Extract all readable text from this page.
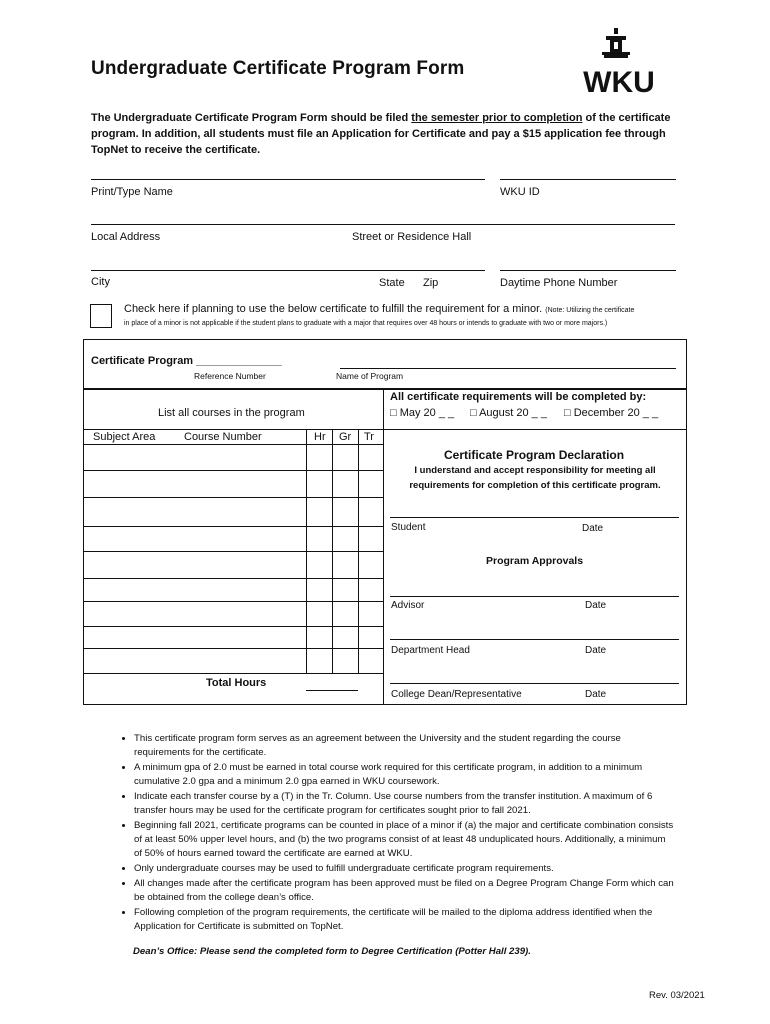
Undergraduate Certificate Program Form	WKU
The Undergraduate Certificate Program Form should be filed the semester prior to completion of the certificate program. In addition, all students must file an Application for Certificate and pay a $15 application fee through TopNet to receive the certificate.
Print/Type Name	WKU ID
Local Address	Street or Residence Hall
City	State Zip	Daytime Phone Number
Check here if planning to use the below certificate to fulfill the requirement for a minor. (Note: Utilizing the certificate
in place of a minor is not applicable if the student plans to graduate with a major that requires over 48 hours or intends to graduate with two or more majors.)
Certificate Program ______________
Reference Number	Name of Program
List all courses in the program
All certificate requirements will be completed by:
□ May 20 _ _ □ August 20 _ _ □ December 20 _ _
Subject Area	Course Number	Hr Gr Tr
Total Hours
Certificate Program Declaration
I understand and accept responsibility for meeting all
requirements for completion of this certificate program.
Student	Date
Program Approvals
Advisor	Date
Department Head	Date
College Dean/Representative	Date
• This certificate program form serves as an agreement between the University and the student regarding the course requirements for the certificate.
• A minimum gpa of 2.0 must be earned in total course work required for this certificate program, in addition to a minimum cumulative 2.0 gpa and a minimum 2.0 gpa earned in WKU coursework.
• Indicate each transfer course by a (T) in the Tr. Column. Use course numbers from the transfer institution. A maximum of 6 transfer hours may be used for the certificate program for certificates sought prior to fall 2021.
• Beginning fall 2021, certificate programs can be counted in place of a minor if (a) the major and certificate combination consists of at least 50% upper level hours, and (b) the two programs consist of at least 48 unduplicated hours. Additionally, a minimum of 50% of hours earned toward the certificate are earned at WKU.
• Only undergraduate courses may be used to fulfill undergraduate certificate program requirements.
• All changes made after the certificate program has been approved must be filed on a Degree Program Change Form which can be obtained from the college dean’s office.
• Following completion of the program requirements, the certificate will be mailed to the diploma address identified when the Application for Certificate is submitted on TopNet.
Dean’s Office: Please send the completed form to Degree Certification (Potter Hall 239).
Rev. 03/2021
